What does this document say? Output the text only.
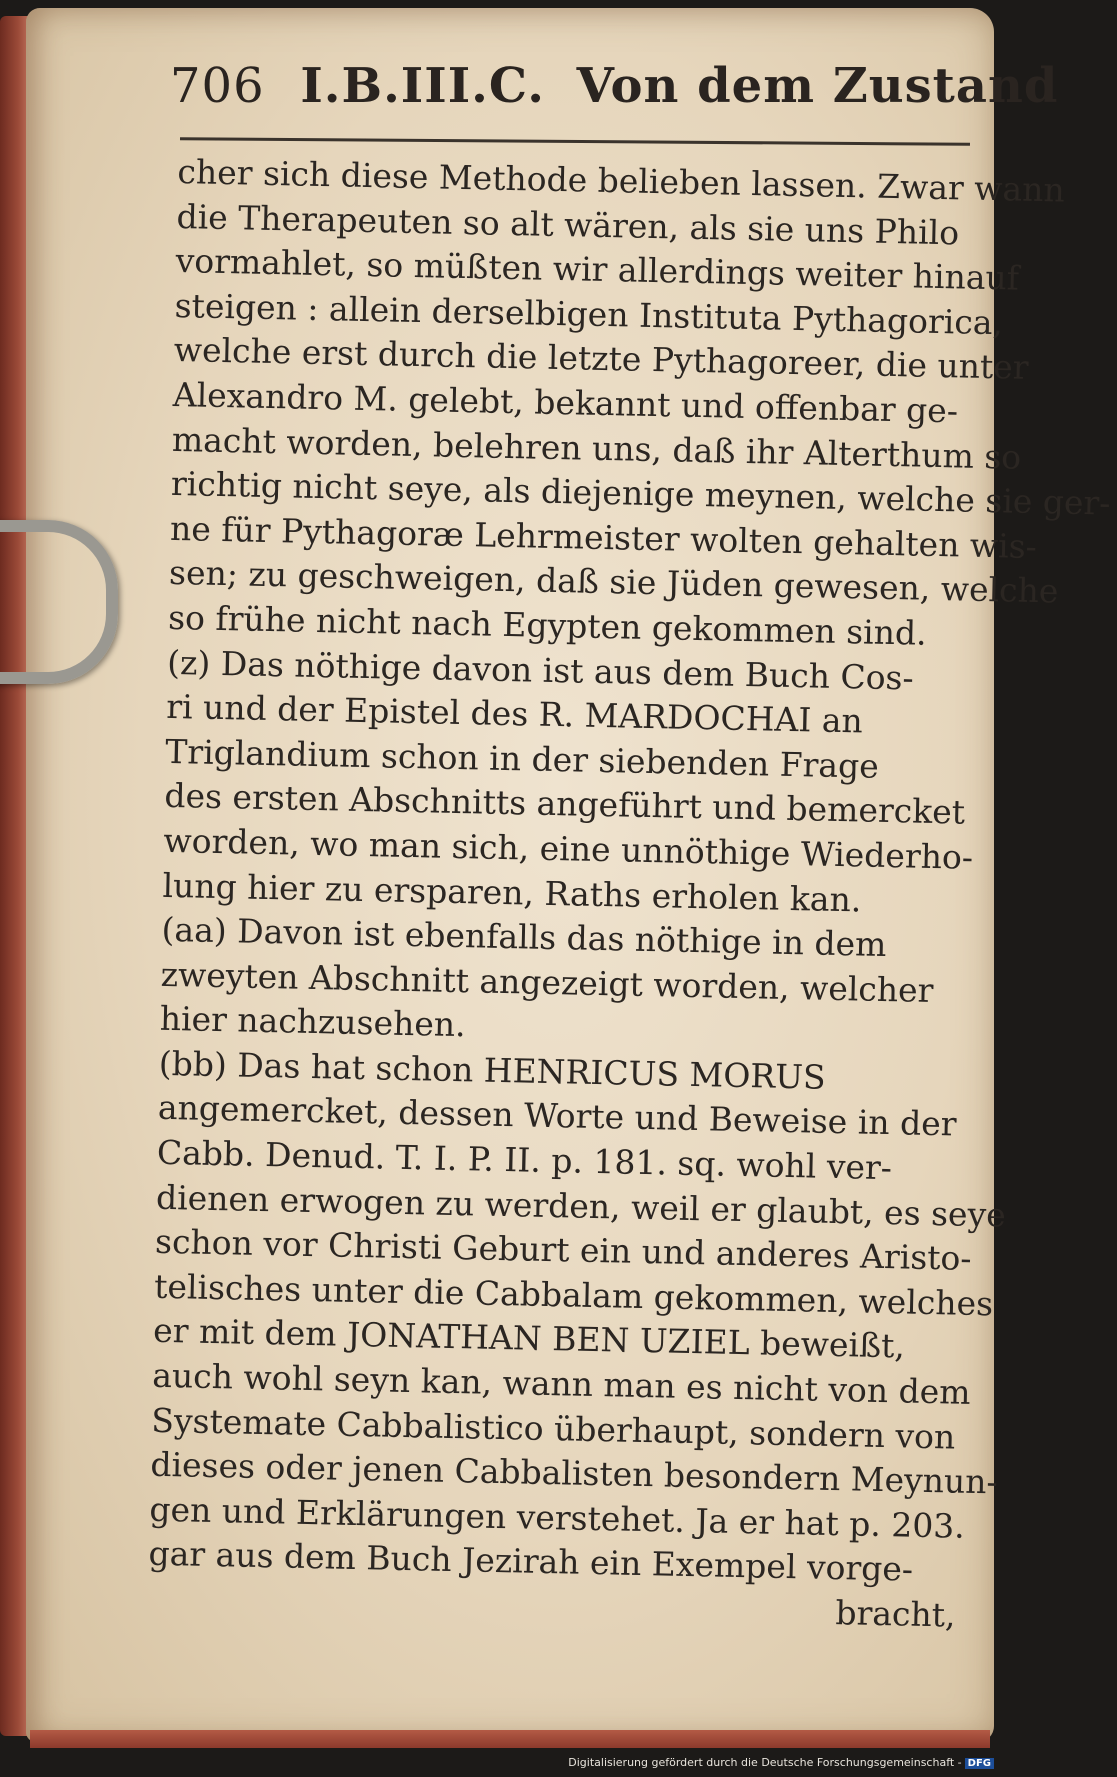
706 I.B.III.C. Von dem Zustand
cher sich diese Methode belieben lassen. Zwar wann
die Therapeuten so alt wären, als sie uns Philo
vormahlet, so müßten wir allerdings weiter hinauf
steigen : allein derselbigen Instituta Pythagorica,
welche erst durch die letzte Pythagoreer, die unter
Alexandro M. gelebt, bekannt und offenbar ge-
macht worden, belehren uns, daß ihr Alterthum so
richtig nicht seye, als diejenige meynen, welche sie ger-
ne für Pythagoræ Lehrmeister wolten gehalten wis-
sen; zu geschweigen, daß sie Jüden gewesen, welche
so frühe nicht nach Egypten gekommen sind.
(z) Das nöthige davon ist aus dem Buch Cos-
ri und der Epistel des R. MARDOCHAI an
Triglandium schon in der siebenden Frage
des ersten Abschnitts angeführt und bemercket
worden, wo man sich, eine unnöthige Wiederho-
lung hier zu ersparen, Raths erholen kan.
(aa) Davon ist ebenfalls das nöthige in dem
zweyten Abschnitt angezeigt worden, welcher
hier nachzusehen.
(bb) Das hat schon HENRICUS MORUS
angemercket, dessen Worte und Beweise in der
Cabb. Denud. T. I. P. II. p. 181. sq. wohl ver-
dienen erwogen zu werden, weil er glaubt, es seye
schon vor Christi Geburt ein und anderes Aristo-
telisches unter die Cabbalam gekommen, welches
er mit dem JONATHAN BEN UZIEL beweißt,
auch wohl seyn kan, wann man es nicht von dem
Systemate Cabbalistico überhaupt, sondern von
dieses oder jenen Cabbalisten besondern Meynun-
gen und Erklärungen verstehet. Ja er hat p. 203.
gar aus dem Buch Jezirah ein Exempel vorge-
bracht,
Digitalisierung gefördert durch die Deutsche Forschungsgemeinschaft - DFG
